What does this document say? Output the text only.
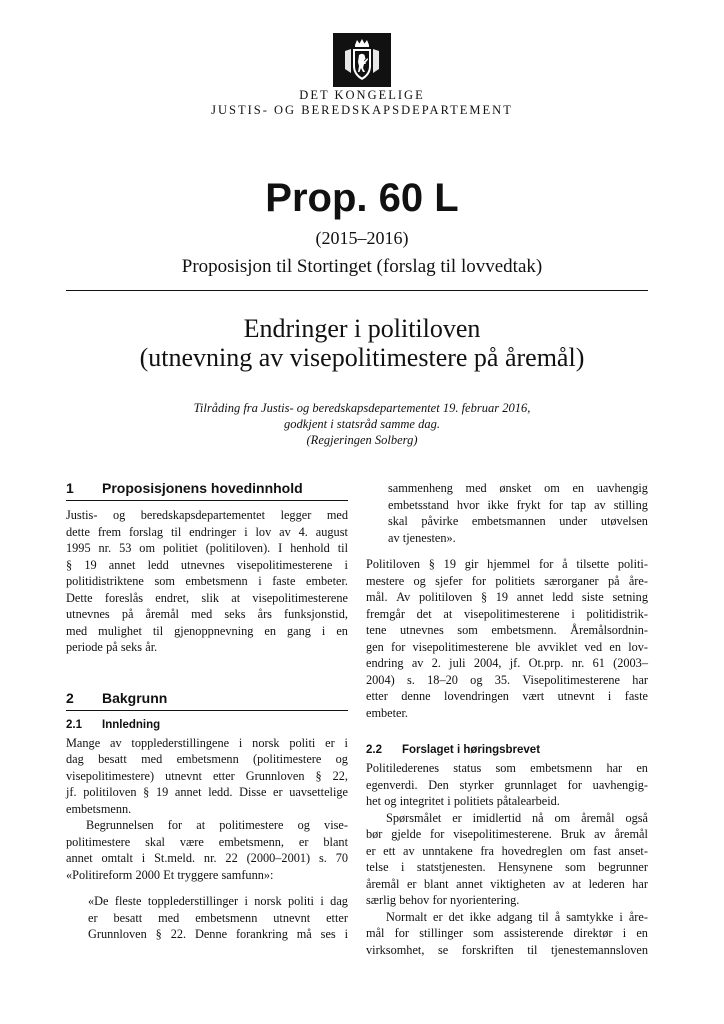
DET KONGELIGE
JUSTIS- OG BEREDSKAPSDEPARTEMENT
Prop. 60 L
(2015–2016)
Proposisjon til Stortinget (forslag til lovvedtak)
Endringer i politiloven
(utnevning av visepolitimestere på åremål)
Tilråding fra Justis- og beredskapsdepartementet 19. februar 2016,
godkjent i statsråd samme dag.
(Regjeringen Solberg)
1	Proposisjonens hovedinnhold
Justis- og beredskapsdepartementet legger med
dette frem forslag til endringer i lov av 4. august
1995 nr. 53 om politiet (politiloven). I henhold til
§ 19 annet ledd utnevnes visepolitimesterene i
politidistriktene som embetsmenn i faste embeter.
Dette foreslås endret, slik at visepolitimesterene
utnevnes på åremål med seks års funksjonstid,
med mulighet til gjenoppnevning en gang i en
periode på seks år.
2	Bakgrunn
2.1	Innledning
Mange av topplederstillingene i norsk politi er i
dag besatt med embetsmenn (politimestere og
visepolitimestere) utnevnt etter Grunnloven § 22,
jf. politiloven § 19 annet ledd. Disse er uavsettelige
embetsmenn.
Begrunnelsen for at politimestere og vise-
politimestere skal være embetsmenn, er blant
annet omtalt i St.meld. nr. 22 (2000–2001) s. 70
«Politireform 2000 Et tryggere samfunn»:
«De fleste topplederstillinger i norsk politi i dag
er besatt med embetsmenn utnevnt etter
Grunnloven § 22. Denne forankring må ses i
sammenheng med ønsket om en uavhengig
embetsstand hvor ikke frykt for tap av stilling
skal påvirke embetsmannen under utøvelsen
av tjenesten».
Politiloven § 19 gir hjemmel for å tilsette politi-
mestere og sjefer for politiets særorganer på åre-
mål. Av politiloven § 19 annet ledd siste setning
fremgår det at visepolitimesterene i politidistrik-
tene utnevnes som embetsmenn. Åremålsordnin-
gen for visepolitimesterene ble avviklet ved en lov-
endring av 2. juli 2004, jf. Ot.prp. nr. 61 (2003–
2004) s. 18–20 og 35. Visepolitimesterene har
etter denne lovendringen vært utnevnt i faste
embeter.
2.2	Forslaget i høringsbrevet
Politilederenes status som embetsmenn har en
egenverdi. Den styrker grunnlaget for uavhengig-
het og integritet i politiets påtalearbeid.
Spørsmålet er imidlertid nå om åremål også
bør gjelde for visepolitimesterene. Bruk av åremål
er ett av unntakene fra hovedreglen om fast anset-
telse i statstjenesten. Hensynene som begrunner
åremål er blant annet viktigheten av at lederen har
særlig behov for nyorientering.
Normalt er det ikke adgang til å samtykke i åre-
mål for stillinger som assisterende direktør i en
virksomhet, se forskriften til tjenestemannsloven
